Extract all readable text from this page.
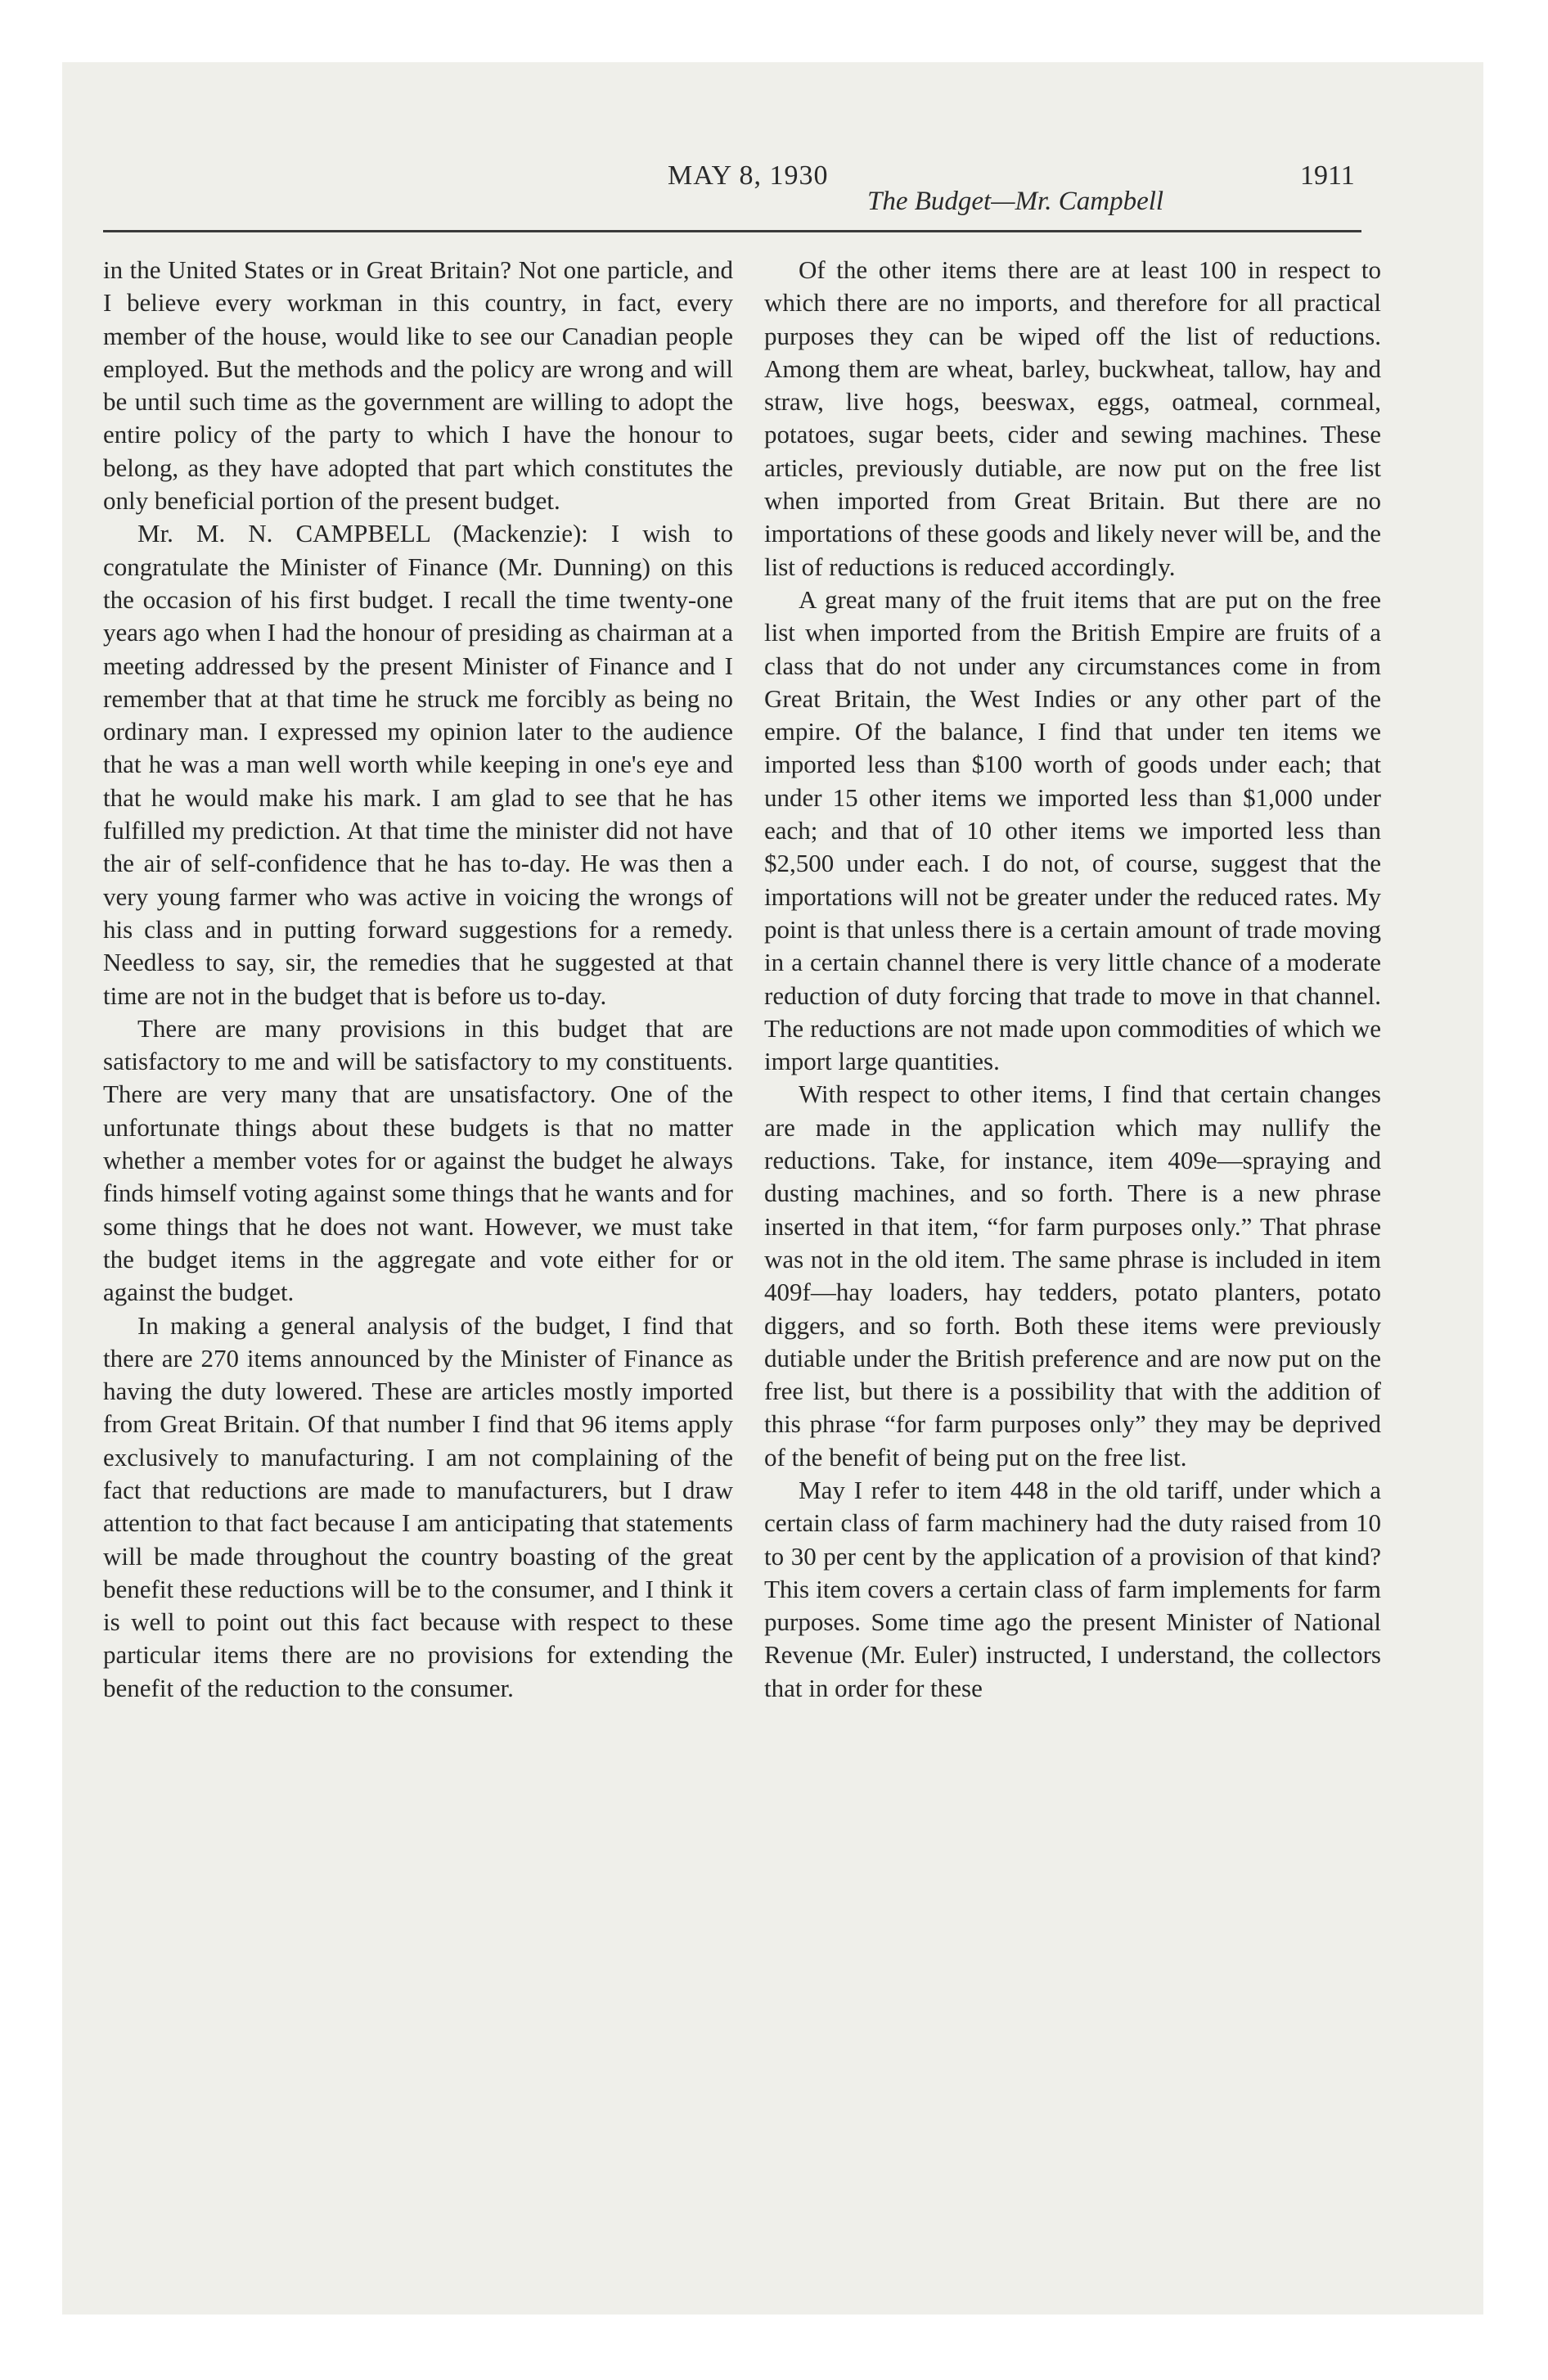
MAY 8, 1930	1911
The Budget—Mr. Campbell

in the United States or in Great Britain? Not one particle, and I believe every workman in this country, in fact, every member of the house, would like to see our Canadian people employed. But the methods and the policy are wrong and will be until such time as the government are willing to adopt the entire policy of the party to which I have the honour to belong, as they have adopted that part which constitutes the only beneficial portion of the present budget.

Mr. M. N. CAMPBELL (Mackenzie): I wish to congratulate the Minister of Finance (Mr. Dunning) on this the occasion of his first budget. I recall the time twenty-one years ago when I had the honour of presiding as chairman at a meeting addressed by the present Minister of Finance and I remember that at that time he struck me forcibly as being no ordinary man. I expressed my opinion later to the audience that he was a man well worth while keeping in one's eye and that he would make his mark. I am glad to see that he has fulfilled my prediction. At that time the minister did not have the air of self-confidence that he has to-day. He was then a very young farmer who was active in voicing the wrongs of his class and in putting forward suggestions for a remedy. Needless to say, sir, the remedies that he suggested at that time are not in the budget that is before us to-day.

There are many provisions in this budget that are satisfactory to me and will be satisfactory to my constituents. There are very many that are unsatisfactory. One of the unfortunate things about these budgets is that no matter whether a member votes for or against the budget he always finds himself voting against some things that he wants and for some things that he does not want. However, we must take the budget items in the aggregate and vote either for or against the budget.

In making a general analysis of the budget, I find that there are 270 items announced by the Minister of Finance as having the duty lowered. These are articles mostly imported from Great Britain. Of that number I find that 96 items apply exclusively to manufacturing. I am not complaining of the fact that reductions are made to manufacturers, but I draw attention to that fact because I am anticipating that statements will be made throughout the country boasting of the great benefit these reductions will be to the consumer, and I think it is well to point out this fact because with respect to these particular items there are no provisions for extending the benefit of the reduction to the consumer.

Of the other items there are at least 100 in respect to which there are no imports, and therefore for all practical purposes they can be wiped off the list of reductions. Among them are wheat, barley, buckwheat, tallow, hay and straw, live hogs, beeswax, eggs, oatmeal, cornmeal, potatoes, sugar beets, cider and sewing machines. These articles, previously dutiable, are now put on the free list when imported from Great Britain. But there are no importations of these goods and likely never will be, and the list of reductions is reduced accordingly.

A great many of the fruit items that are put on the free list when imported from the British Empire are fruits of a class that do not under any circumstances come in from Great Britain, the West Indies or any other part of the empire. Of the balance, I find that under ten items we imported less than $100 worth of goods under each; that under 15 other items we imported less than $1,000 under each; and that of 10 other items we imported less than $2,500 under each. I do not, of course, suggest that the importations will not be greater under the reduced rates. My point is that unless there is a certain amount of trade moving in a certain channel there is very little chance of a moderate reduction of duty forcing that trade to move in that channel. The reductions are not made upon commodities of which we import large quantities.

With respect to other items, I find that certain changes are made in the application which may nullify the reductions. Take, for instance, item 409e—spraying and dusting machines, and so forth. There is a new phrase inserted in that item, “for farm purposes only.” That phrase was not in the old item. The same phrase is included in item 409f—hay loaders, hay tedders, potato planters, potato diggers, and so forth. Both these items were previously dutiable under the British preference and are now put on the free list, but there is a possibility that with the addition of this phrase “for farm purposes only” they may be deprived of the benefit of being put on the free list.

May I refer to item 448 in the old tariff, under which a certain class of farm machinery had the duty raised from 10 to 30 per cent by the application of a provision of that kind? This item covers a certain class of farm implements for farm purposes. Some time ago the present Minister of National Revenue (Mr. Euler) instructed, I understand, the collectors that in order for these
